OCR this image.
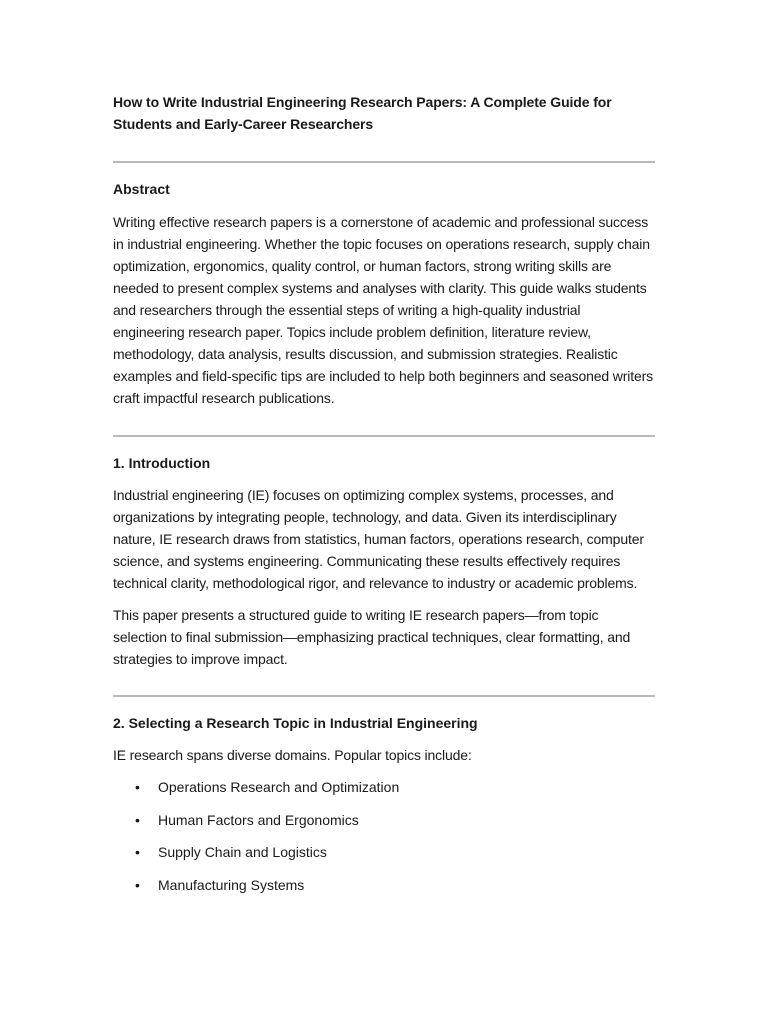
How to Write Industrial Engineering Research Papers: A Complete Guide for Students and Early-Career Researchers
Abstract

Writing effective research papers is a cornerstone of academic and professional success in industrial engineering. Whether the topic focuses on operations research, supply chain optimization, ergonomics, quality control, or human factors, strong writing skills are needed to present complex systems and analyses with clarity. This guide walks students and researchers through the essential steps of writing a high-quality industrial engineering research paper. Topics include problem definition, literature review, methodology, data analysis, results discussion, and submission strategies. Realistic examples and field-specific tips are included to help both beginners and seasoned writers craft impactful research publications.

1. Introduction

Industrial engineering (IE) focuses on optimizing complex systems, processes, and organizations by integrating people, technology, and data. Given its interdisciplinary nature, IE research draws from statistics, human factors, operations research, computer science, and systems engineering. Communicating these results effectively requires technical clarity, methodological rigor, and relevance to industry or academic problems.

This paper presents a structured guide to writing IE research papers—from topic selection to final submission—emphasizing practical techniques, clear formatting, and strategies to improve impact.

2. Selecting a Research Topic in Industrial Engineering

IE research spans diverse domains. Popular topics include:

• Operations Research and Optimization
• Human Factors and Ergonomics
• Supply Chain and Logistics
• Manufacturing Systems
